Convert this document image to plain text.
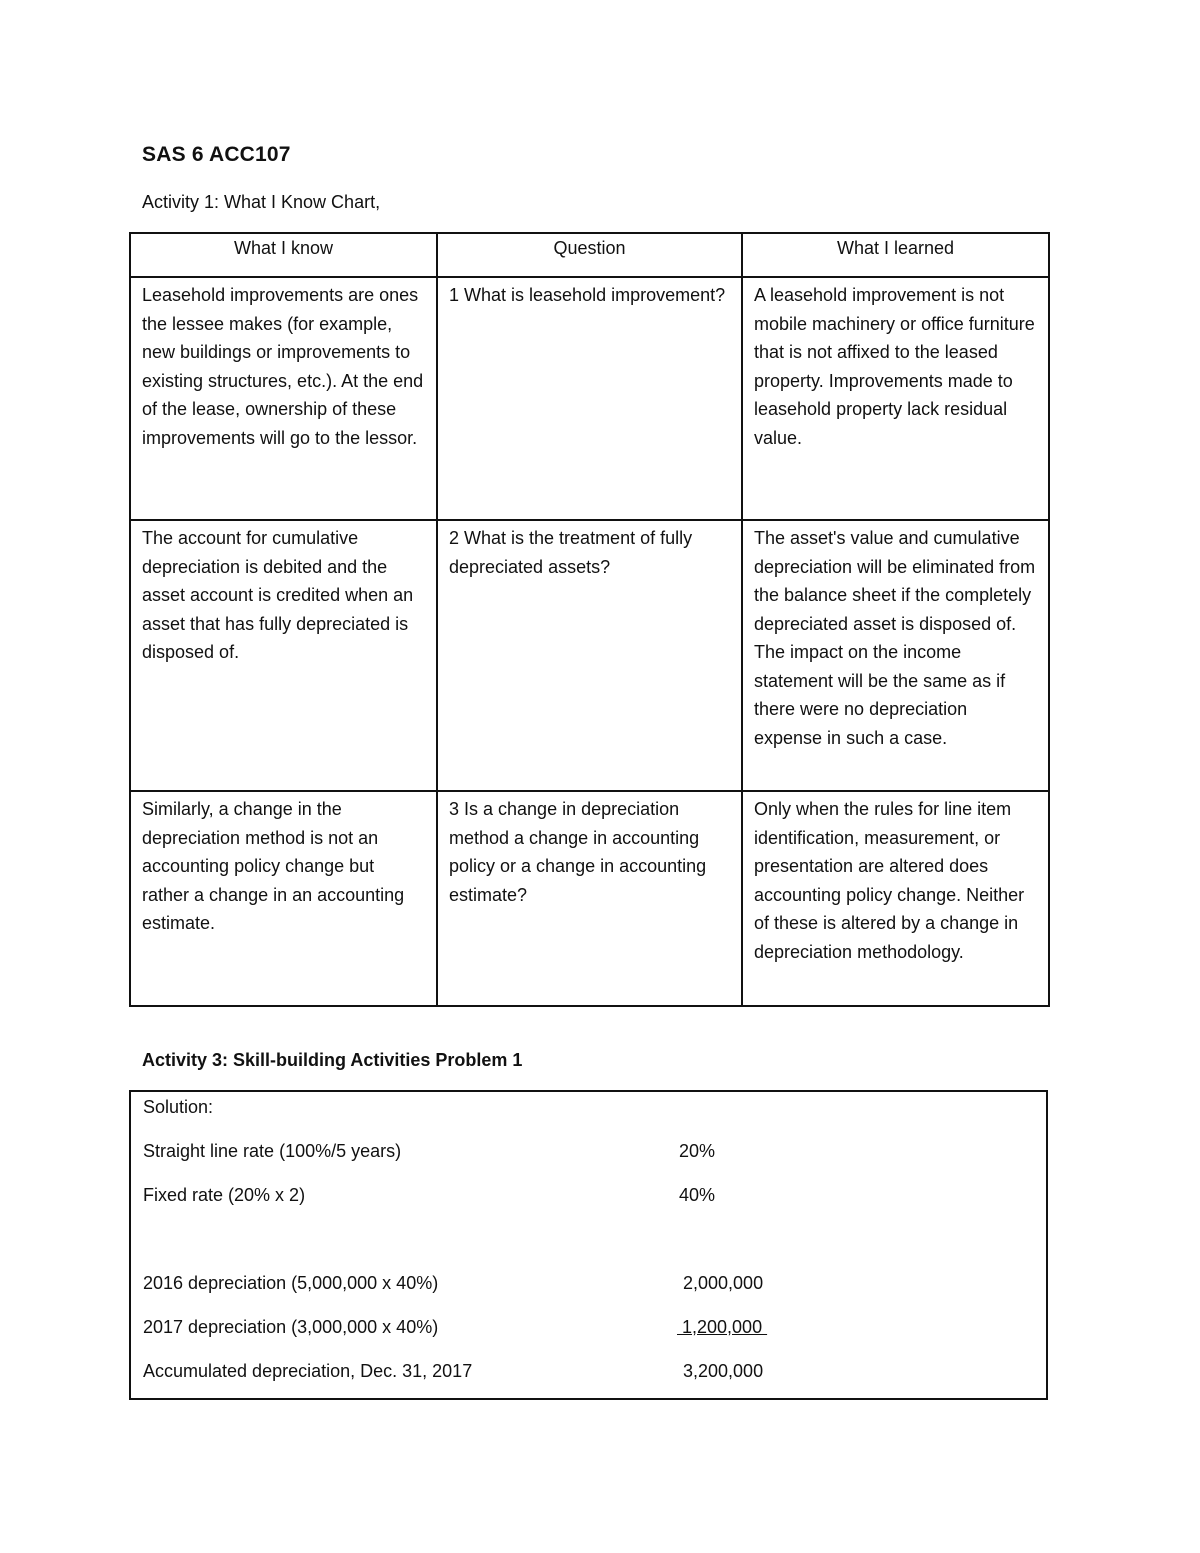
SAS 6 ACC107
Activity 1: What I Know Chart,
What I know	Question	What I learned
Leasehold improvements are ones the lessee makes (for example, new buildings or improvements to existing structures, etc.). At the end of the lease, ownership of these improvements will go to the lessor.	1 What is leasehold improvement?	A leasehold improvement is not mobile machinery or office furniture that is not affixed to the leased property. Improvements made to leasehold property lack residual value.
The account for cumulative depreciation is debited and the asset account is credited when an asset that has fully depreciated is disposed of.	2 What is the treatment of fully depreciated assets?	The asset's value and cumulative depreciation will be eliminated from the balance sheet if the completely depreciated asset is disposed of. The impact on the income statement will be the same as if there were no depreciation expense in such a case.
Similarly, a change in the depreciation method is not an accounting policy change but rather a change in an accounting estimate.	3 Is a change in depreciation method a change in accounting policy or a change in accounting estimate?	Only when the rules for line item identification, measurement, or presentation are altered does accounting policy change. Neither of these is altered by a change in depreciation methodology.
Activity 3: Skill-building Activities Problem 1
Solution:
Straight line rate (100%/5 years)	20%
Fixed rate (20% x 2)	40%
2016 depreciation (5,000,000 x 40%)	2,000,000
2017 depreciation (3,000,000 x 40%)	1,200,000
Accumulated depreciation, Dec. 31, 2017	3,200,000
